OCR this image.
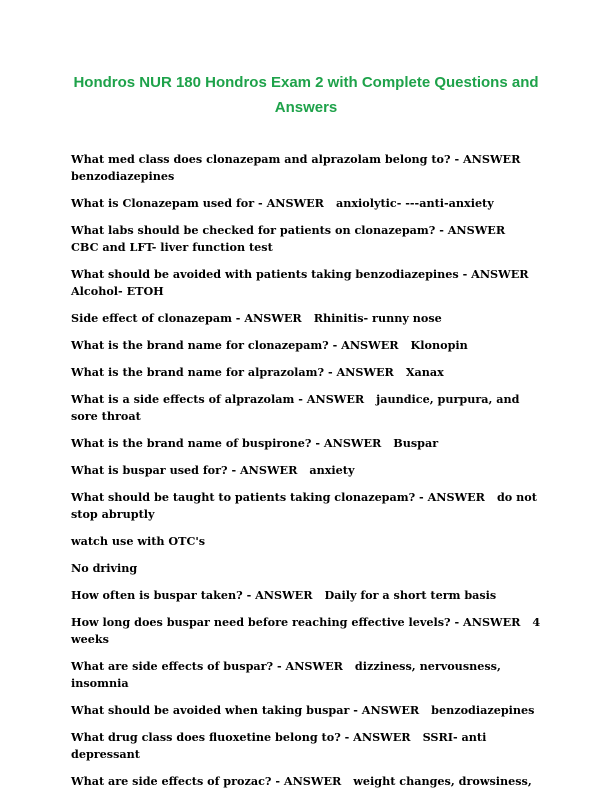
Hondros NUR 180 Hondros Exam 2 with Complete Questions and Answers

What med class does clonazepam and alprazolam belong to? - ANSWER
benzodiazepines

What is Clonazepam used for - ANSWER anxiolytic- ---anti-anxiety

What labs should be checked for patients on clonazepam? - ANSWERCBC and LFT- liver function test

What should be avoided with patients taking benzodiazepines - ANSWER
Alcohol- ETOH

Side effect of clonazepam - ANSWER Rhinitis- runny nose

What is the brand name for clonazepam? - ANSWER Klonopin

What is the brand name for alprazolam? - ANSWER Xanax

What is a side effects of alprazolam - ANSWER jaundice, purpura, and sore throat

What is the brand name of buspirone? - ANSWER Buspar

What is buspar used for? - ANSWER anxiety

What should be taught to patients taking clonazepam? - ANSWER do not stop abruptly

watch use with OTC's

No driving

How often is buspar taken? - ANSWER Daily for a short term basis

How long does buspar need before reaching effective levels? - ANSWER 4 weeks

What are side effects of buspar? - ANSWER dizziness, nervousness, insomnia

What should be avoided when taking buspar - ANSWER benzodiazepines

What drug class does fluoxetine belong to? - ANSWER SSRI- anti depressant

What are side effects of prozac? - ANSWER weight changes, drowsiness,
